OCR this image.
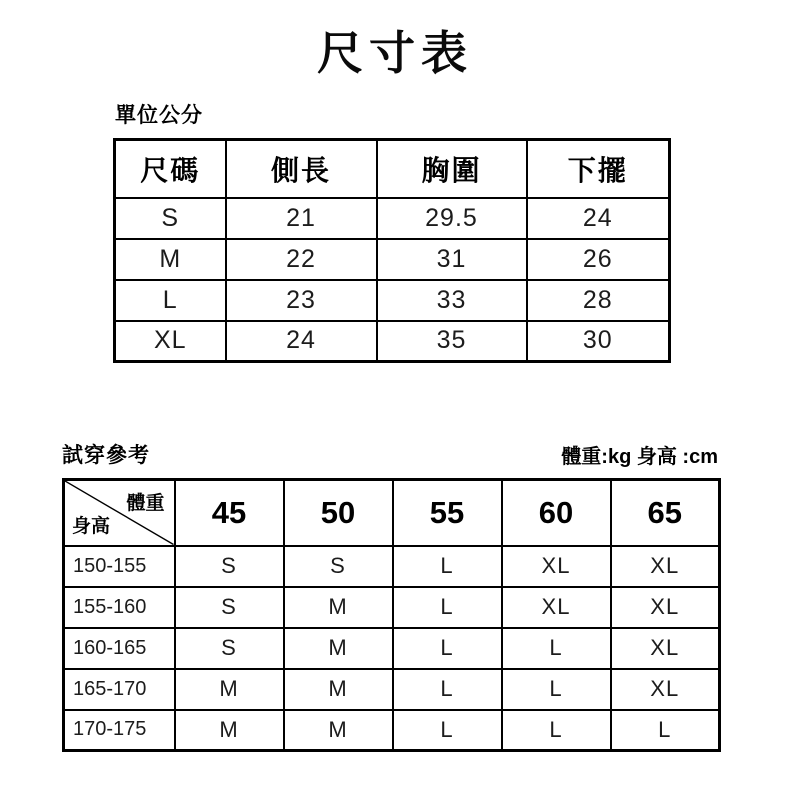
尺寸表
單位公分
尺碼	側長	胸圍	下擺
S	21	29.5	24
M	22	31	26
L	23	33	28
XL	24	35	30
試穿參考	體重:kg 身高 :cm
體重
身高	45	50	55	60	65
150-155	S	S	L	XL	XL
155-160	S	M	L	XL	XL
160-165	S	M	L	L	XL
165-170	M	M	L	L	XL
170-175	M	M	L	L	L
